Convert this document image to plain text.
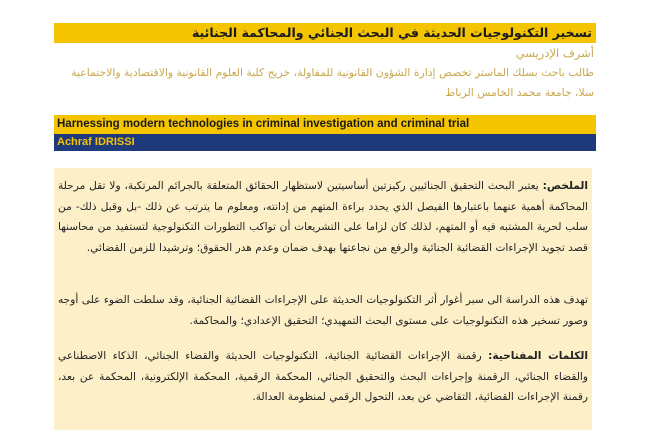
تسخير التكنولوجيات الحديثة في البحث الجنائي والمحاكمة الجنائية
أشرف الإدريسي
طالب باحث بسلك الماستر تخصص إدارة الشؤون القانونية للمقاولة، خريج كلية العلوم القانونية والاقتصادية والاجتماعية سلا، جامعة محمد الخامس الرباط
Harnessing modern technologies in criminal investigation and criminal trial
Achraf IDRISSI
الملخص: يعتبر البحث التحقيق الجنائيين ركيزتين أساسيتين لاستظهار الحقائق المتعلقة بالجرائم المرتكبة، ولا تقل مرحلة المحاكمة أهمية عنهما باعتبارها الفيصل الذي يحدد براءة المتهم من إدانته، ومعلوم ما يترتب عن ذلك -بل وقبل ذلك- من سلب لحرية المشتبه فيه أو المتهم، لذلك كان لزاما على التشريعات أن تواكب التطورات التكنولوجية لتستفيد من محاسنها قصد تجويد الإجراءات القضائية الجنائية والرفع من نجاعتها بهدف ضمان وعدم هدر الحقوق؛ وترشيدا للزمن القضائي.
تهدف هذه الدراسة الى سبر أغوار أثر التكنولوجيات الحديثة على الإجراءات القضائية الجنائية، وقد سلطت الضوء على أوجه وصور تسخير هذه التكنولوجيات على مستوى البحث التمهيدي؛ التحقيق الإعدادي؛ والمحاكمة.
الكلمات المفتاحية: رقمنة الإجراءات القضائية الجنائية، التكنولوجيات الحديثة والقضاء الجنائي، الذكاء الاصطناعي والقضاء الجنائي، الرقمنة وإجراءات البحث والتحقيق الجنائي، المحكمة الرقمية، المحكمة الإلكترونية، المحكمة عن بعد، رقمنة الإجراءات القضائية، التقاضي عن بعد، التحول الرقمي لمنظومة العدالة.
